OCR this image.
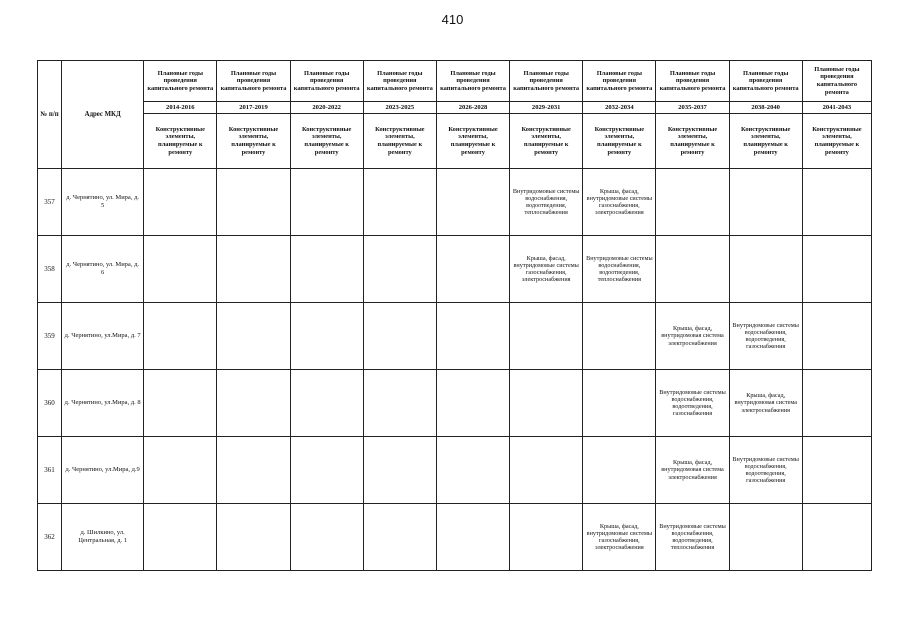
410
№ п/п	Адрес МКД	Плановые годы проведения капитального ремонта	Плановые годы проведения капитального ремонта	Плановые годы проведения капитального ремонта	Плановые годы проведения капитального ремонта	Плановые годы проведения капитального ремонта	Плановые годы проведения капитального ремонта	Плановые годы проведения капитального ремонта	Плановые годы проведения капитального ремонта	Плановые годы проведения капитального ремонта	Плановые годы проведения капитального ремонта
		2014-2016	2017-2019	2020-2022	2023-2025	2026-2028	2029-2031	2032-2034	2035-2037	2038-2040	2041-2043
		Конструктивные элементы, планируемые к ремонту	Конструктивные элементы, планируемые к ремонту	Конструктивные элементы, планируемые к ремонту	Конструктивные элементы, планируемые к ремонту	Конструктивные элементы, планируемые к ремонту	Конструктивные элементы, планируемые к ремонту	Конструктивные элементы, планируемые к ремонту	Конструктивные элементы, планируемые к ремонту	Конструктивные элементы, планируемые к ремонту	Конструктивные элементы, планируемые к ремонту
357	д. Чернятино, ул. Мира, д. 5						Внутридомовые системы водоснабжения, водоотведения, теплоснабжения	Крыша, фасад, внутридомовые системы газоснабжения, электроснабжения			
358	д. Чернятино, ул. Мира, д. 6						Крыша, фасад, внутридомовые системы газоснабжения, электроснабжения	Внутридомовые системы водоснабжения, водоотведения, теплоснабжения			
359	д. Чернятино, ул.Мира, д. 7								Крыша, фасад, внутридомовая система электроснабжения	Внутридомовые системы водоснабжения, водоотведения, газоснабжения	
360	д. Чернятино, ул.Мира, д. 8								Внутридомовые системы водоснабжения, водоотведения, газоснабжения	Крыша, фасад, внутридомовая система электроснабжения	
361	д. Чернятино, ул.Мира, д.9								Крыша, фасад, внутридомовая система электроснабжения	Внутридомовые системы водоснабжения, водоотведения, газоснабжения	
362	д. Шилкино, ул. Центральная, д. 1							Крыша, фасад, внутридомовые системы газоснабжения, электроснабжения	Внутридомовые системы водоснабжения, водоотведения, теплоснабжения		
